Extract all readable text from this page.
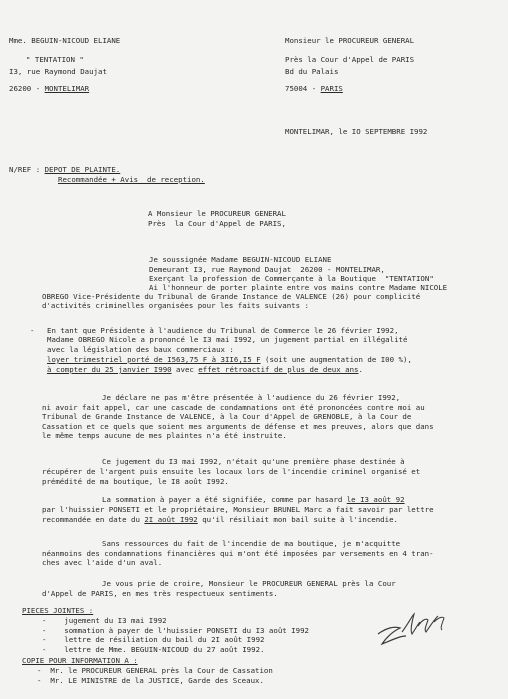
Mme. BEGUIN-NICOUD ELIANE
" TENTATION "
I3, rue Raymond Daujat
26200 - MONTELIMAR
Monsieur le PROCUREUR GENERAL
Près la Cour d'Appel de PARIS
Bd du Palais
75004 - PARIS
MONTELIMAR, le IO SEPTEMBRE I992
N/REF : DEPOT DE PLAINTE.
Recommandée + Avis  de reception.
A Monsieur le PROCUREUR GENERAL
Près  la Cour d'Appel de PARIS,
Je soussignée Madame BEGUIN-NICOUD ELIANE
Demeurant I3, rue Raymond Daujat  26200 - MONTELIMAR,
Exerçant la profession de Commerçante à la Boutique  "TENTATION"
Ai l'honneur de porter plainte entre vos mains contre Madame NICOLE
OBREGO Vice-Présidente du Tribunal de Grande Instance de VALENCE (26) pour complicité
d'activités criminelles organisées pour les faits suivants :
- En tant que Présidente à l'audience du Tribunal de Commerce le 26 février I992,
Madame OBREGO Nicole a prononcé le I3 mai I992, un jugement partial en illégalité
avec la législation des baux commerciaux :
loyer trimestriel porté de I563,75 F à 3II6,I5 F (soit une augmentation de I00 %),
à compter du 25 janvier I990 avec effet rétroactif de plus de deux ans.
Je déclare ne pas m'être présentée à l'audience du 26 février I992,
ni avoir fait appel, car une cascade de condamnations ont été prononcées contre moi au
Tribunal de Grande Instance de VALENCE, à la Cour d'Appel de GRENOBLE, à la Cour de
Cassation et ce quels que soient mes arguments de défense et mes preuves, alors que dans
le même temps aucune de mes plaintes n'a été instruite.
Ce jugement du I3 mai I992, n'était qu'une première phase destinée à
récupérer de l'argent puis ensuite les locaux lors de l'incendie criminel organisé et
prémédité de ma boutique, le I8 août I992.
La sommation à payer a été signifiée, comme par hasard le I3 août 92
par l'huissier PONSETI et le propriétaire, Monsieur BRUNEL Marc a fait savoir par lettre
recommandée en date du 2I août I992 qu'il résiliait mon bail suite à l'incendie.
Sans ressources du fait de l'incendie de ma boutique, je m'acquitte
néanmoins des condamnations financières qui m'ont été imposées par versements en 4 tran-
ches avec l'aide d'un aval.
Je vous prie de croire, Monsieur le PROCUREUR GENERAL près la Cour
d'Appel de PARIS, en mes très respectueux sentiments.
PIECES JOINTES :
-    jugement du I3 mai I992
-    sommation à payer de l'huissier PONSETI du I3 août I992
-    lettre de résiliation du bail du 2I août I992
-    lettre de Mme. BEGUIN-NICOUD du 27 août I992.
COPIE POUR INFORMATION A :
-  Mr. le PROCUREUR GENERAL près la Cour de Cassation
-  Mr. LE MINISTRE de la JUSTICE, Garde des Sceaux.
